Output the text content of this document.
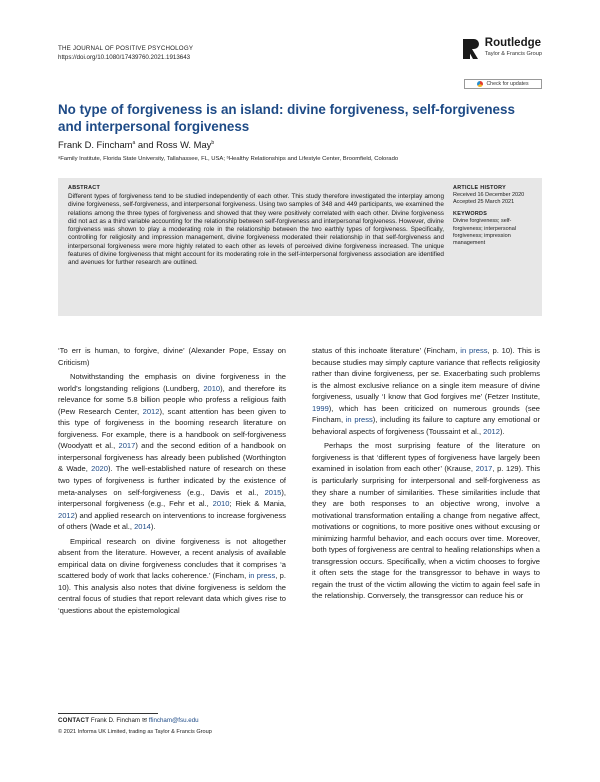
THE JOURNAL OF POSITIVE PSYCHOLOGY
https://doi.org/10.1080/17439760.2021.1913643
Routledge
Taylor & Francis Group
Check for updates
No type of forgiveness is an island: divine forgiveness, self-forgiveness and interpersonal forgiveness
Frank D. Fincham$^a$ and Ross W. May$^b$
ᵃFamily Institute, Florida State University, Tallahassee, FL, USA; ᵇHealthy Relationships and Lifestyle Center, Broomfield, Colorado
ABSTRACT
Different types of forgiveness tend to be studied independently of each other. This study therefore investigated the interplay among divine forgiveness, self-forgiveness, and interpersonal forgiveness. Using two samples of 348 and 449 participants, we examined the relations among the three types of forgiveness and showed that they were positively correlated with each other. Divine forgiveness did not act as a third variable accounting for the relationship between self-forgiveness and interpersonal forgiveness. However, divine forgiveness was shown to play a moderating role in the relationship between the two earthly types of forgiveness. Specifically, controlling for religiosity and impression management, divine forgiveness moderated their relationship in that self-forgiveness and interpersonal forgiveness were more highly related to each other as levels of perceived divine forgiveness increased. The unique features of divine forgiveness that might account for its moderating role in the self-interpersonal forgiveness association are identified and avenues for further research are outlined.
ARTICLE HISTORY
Received 16 December 2020
Accepted 25 March 2021
KEYWORDS
Divine forgiveness; self-forgiveness; interpersonal forgiveness; impression management

‘To err is human, to forgive, divine’ (Alexander Pope, Essay on Criticism)

Notwithstanding the emphasis on divine forgiveness in the world’s longstanding religions (Lundberg, 2010), and therefore its relevance for some 5.8 billion people who profess a religious faith (Pew Research Center, 2012), scant attention has been given to this type of forgiveness in the booming research literature on forgiveness. For example, there is a handbook on self-forgiveness (Woodyatt et al., 2017) and the second edition of a handbook on interpersonal forgiveness has already been published (Worthington & Wade, 2020). The well-established nature of research on these two types of forgiveness is further indicated by the existence of meta-analyses on self-forgiveness (e.g., Davis et al., 2015), interpersonal forgiveness (e.g., Fehr et al., 2010; Riek & Mania, 2012) and applied research on interventions to increase forgiveness of others (Wade et al., 2014).

Empirical research on divine forgiveness is not altogether absent from the literature. However, a recent analysis of available empirical data on divine forgiveness concludes that it comprises ‘a scattered body of work that lacks coherence.’ (Fincham, in press, p. 10). This analysis also notes that divine forgiveness is seldom the central focus of studies that report relevant data which gives rise to ‘questions about the epistemological

status of this inchoate literature’ (Fincham, in press, p. 10). This is because studies may simply capture variance that reflects religiosity rather than divine forgiveness, per se. Exacerbating such problems is the almost exclusive reliance on a single item measure of divine forgiveness, usually ‘I know that God forgives me’ (Fetzer Institute, 1999), which has been criticized on numerous grounds (see Fincham, in press), including its failure to capture any emotional or behavioral aspects of forgiveness (Toussaint et al., 2012).

Perhaps the most surprising feature of the literature on forgiveness is that ‘different types of forgiveness have largely been examined in isolation from each other’ (Krause, 2017, p. 129). This is particularly surprising for interpersonal and self-forgiveness as they share a number of similarities. These similarities include that they are both responses to an objective wrong, involve a motivational transformation entailing a change from negative affect, motivations or cognitions, to more positive ones without excusing or minimizing harmful behavior, and each occurs over time. Moreover, both types of forgiveness are central to healing relationships when a transgression occurs. Specifically, when a victim chooses to forgive it often sets the stage for the transgressor to behave in ways to regain the trust of the victim allowing the victim to again feel safe in the relationship. Conversely, the transgressor can reduce his or

CONTACT Frank D. Fincham ✉ ffincham@fsu.edu
© 2021 Informa UK Limited, trading as Taylor & Francis Group
